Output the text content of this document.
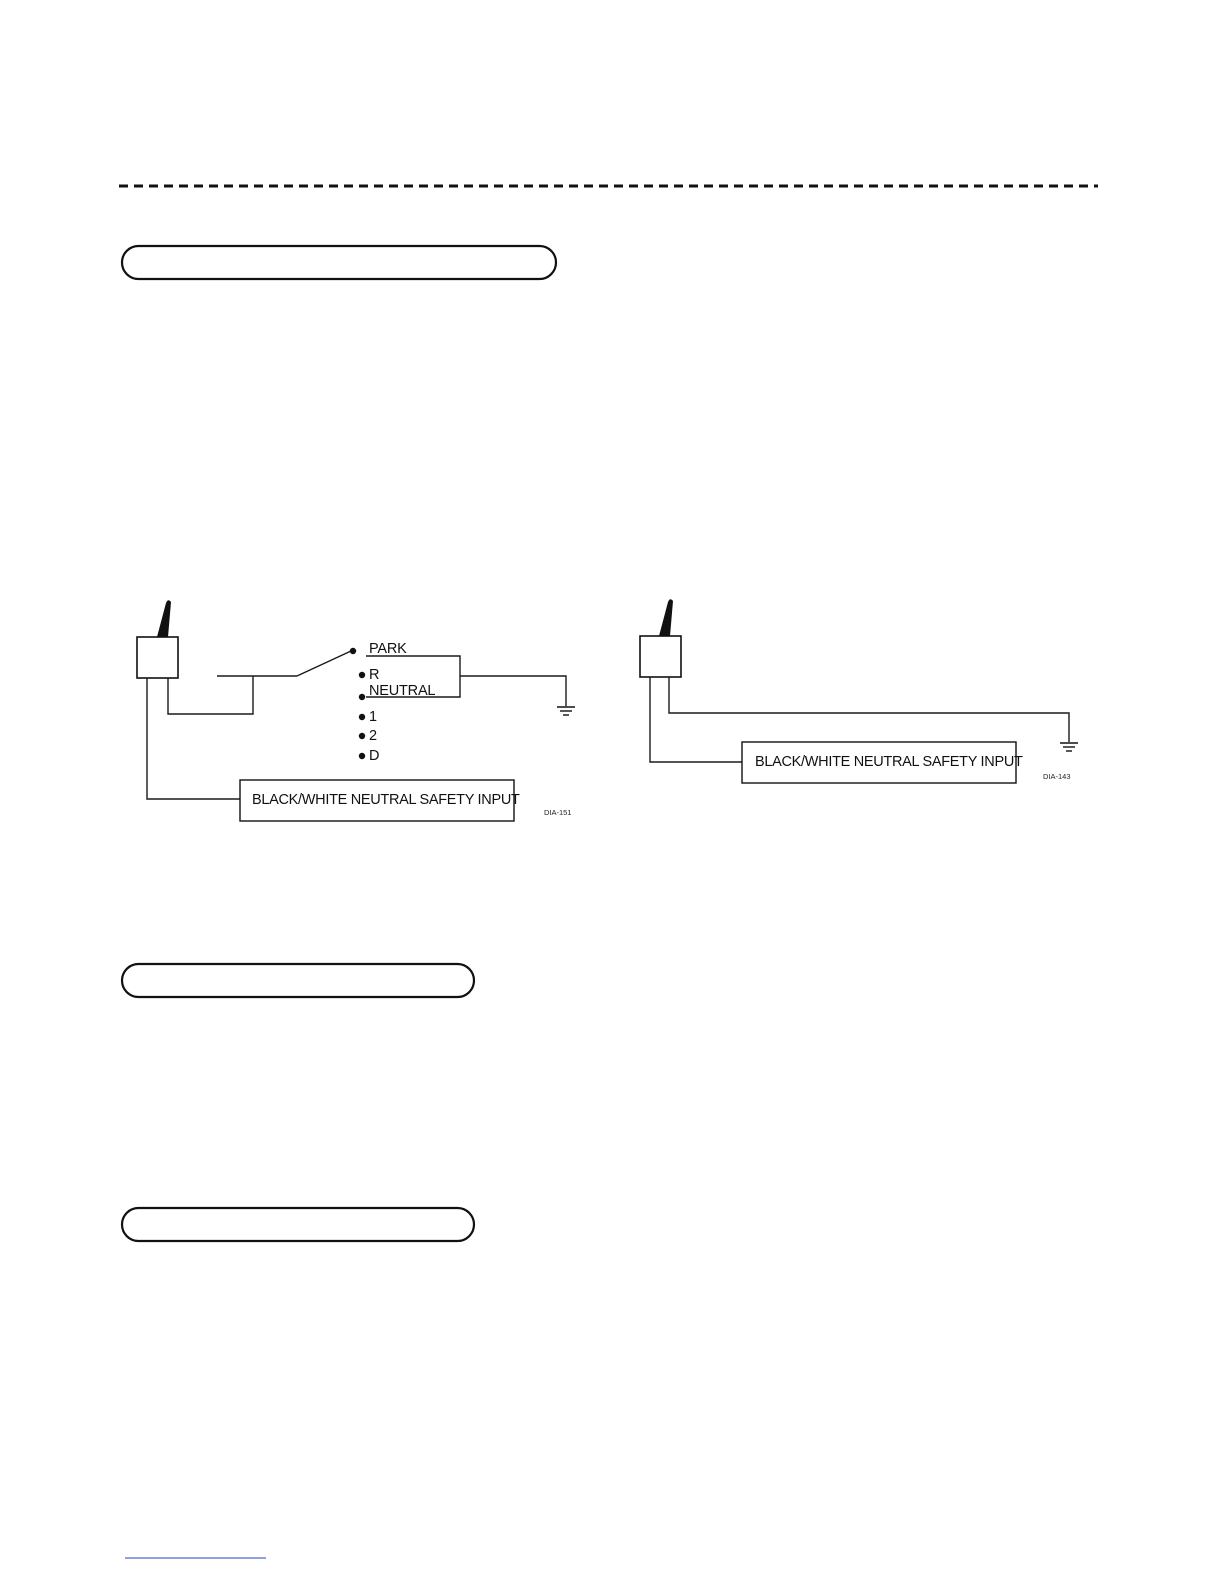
PARK
R
NEUTRAL
1
2
D
BLACK/WHITE NEUTRAL SAFETY INPUT
DIA-151
BLACK/WHITE NEUTRAL SAFETY INPUT
DIA-143
